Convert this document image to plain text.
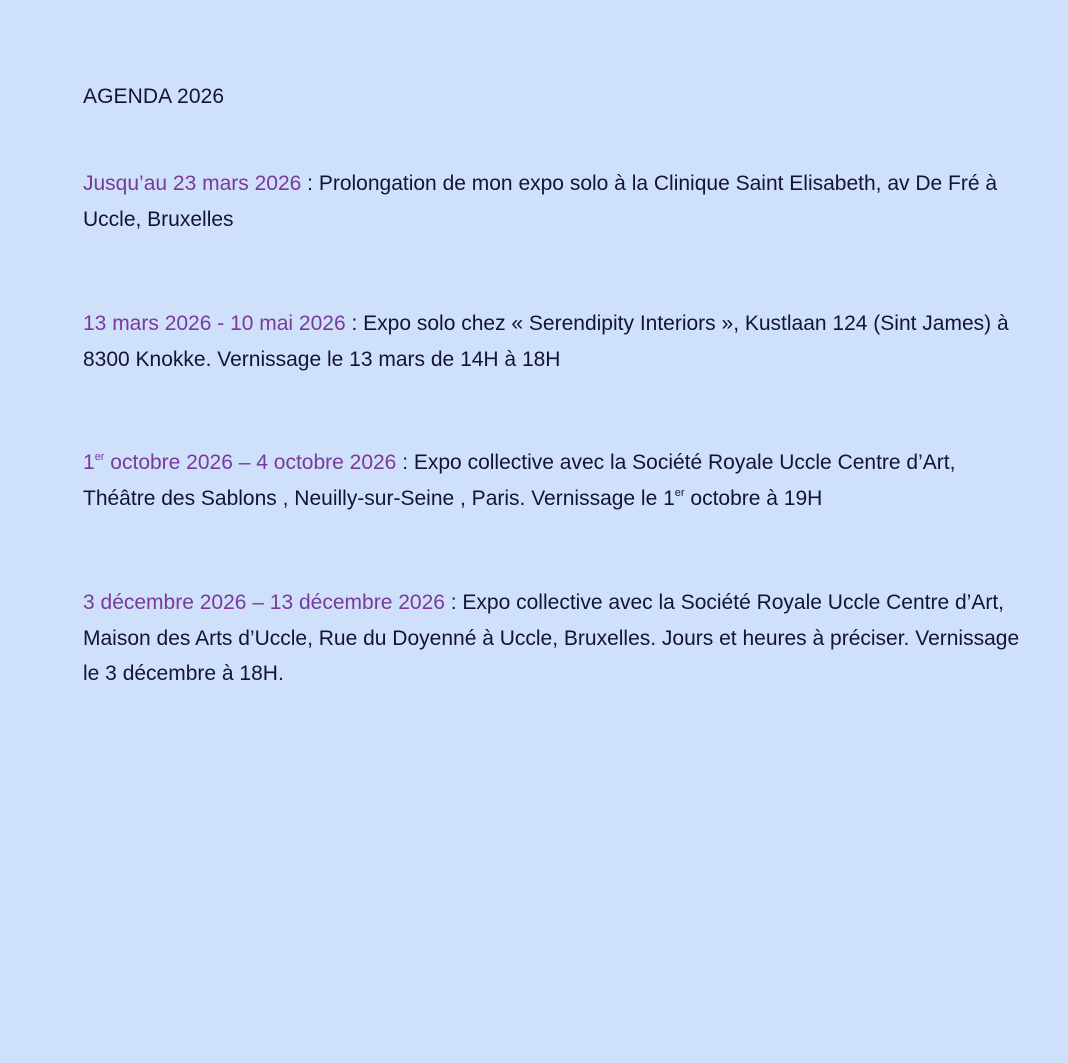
AGENDA 2026

Jusqu’au 23 mars 2026 : Prolongation de mon expo solo à la Clinique Saint Elisabeth, av De Fré à Uccle, Bruxelles

13 mars 2026 - 10 mai 2026 : Expo solo chez « Serendipity Interiors », Kustlaan 124 (Sint James) à 8300 Knokke. Vernissage le 13 mars de 14H à 18H

1er octobre 2026 – 4 octobre 2026 : Expo collective avec la Société Royale Uccle Centre d’Art, Théâtre des Sablons , Neuilly-sur-Seine , Paris. Vernissage le 1er octobre à 19H

3 décembre 2026 – 13 décembre 2026 : Expo collective avec la Société Royale Uccle Centre d’Art, Maison des Arts d’Uccle, Rue du Doyenné à Uccle, Bruxelles. Jours et heures à préciser. Vernissage le 3 décembre à 18H.
